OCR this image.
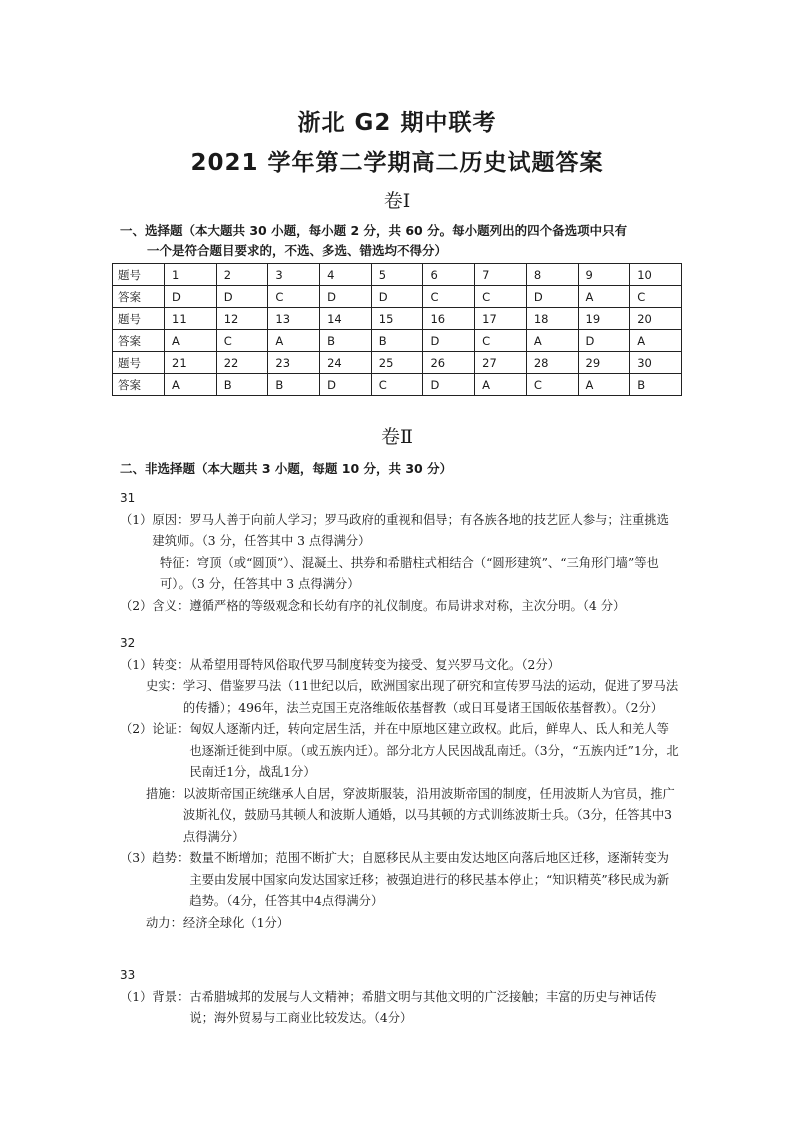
浙北 G2 期中联考
2021 学年第二学期高二历史试题答案
卷Ⅰ
一、选择题（本大题共 30 小题，每小题 2 分，共 60 分。每小题列出的四个备选项中只有
一个是符合题目要求的，不选、多选、错选均不得分）
题号	1	2	3	4	5	6	7	8	9	10
答案	D	D	C	D	D	C	C	D	A	C
题号	11	12	13	14	15	16	17	18	19	20
答案	A	C	A	B	B	D	C	A	D	A
题号	21	22	23	24	25	26	27	28	29	30
答案	A	B	B	D	C	D	A	C	A	B
卷Ⅱ
二、非选择题（本大题共 3 小题，每题 10 分，共 30 分）
31
（1） 原因：罗马人善于向前人学习；罗马政府的重视和倡导；有各族各地的技艺匠人参与；注重挑选建筑师。（3 分，任答其中 3 点得满分）
特征：穹顶（或“圆顶”）、混凝土、拱券和希腊柱式相结合（“圆形建筑”、“三角形门墙”等也可）。（3 分，任答其中 3 点得满分）
（2） 含义：遵循严格的等级观念和长幼有序的礼仪制度。布局讲求对称，主次分明。（4 分）
32
（1） 转变： 从希望用哥特风俗取代罗马制度转变为接受、复兴罗马文化。（2分）
史实： 学习、借鉴罗马法（11世纪以后，欧洲国家出现了研究和宣传罗马法的运动，促进了罗马法的传播）；496年，法兰克国王克洛维皈依基督教（或日耳曼诸王国皈依基督教）。（2分）
（2） 论证： 匈奴人逐渐内迁，转向定居生活，并在中原地区建立政权。此后，鲜卑人、氐人和羌人等也逐渐迁徙到中原。（或五族内迁）。部分北方人民因战乱南迁。（3分，“五族内迁”1分，北民南迁1分，战乱1分）
措施： 以波斯帝国正统继承人自居，穿波斯服装，沿用波斯帝国的制度，任用波斯人为官员，推广波斯礼仪，鼓励马其顿人和波斯人通婚，以马其顿的方式训练波斯士兵。（3分，任答其中3点得满分）
（3） 趋势： 数量不断增加；范围不断扩大；自愿移民从主要由发达地区向落后地区迁移，逐渐转变为主要由发展中国家向发达国家迁移；被强迫进行的移民基本停止；“知识精英”移民成为新趋势。（4分，任答其中4点得满分）
动力： 经济全球化（1分）
33
（1） 背景： 古希腊城邦的发展与人文精神；希腊文明与其他文明的广泛接触；丰富的历史与神话传说；海外贸易与工商业比较发达。（4分）
